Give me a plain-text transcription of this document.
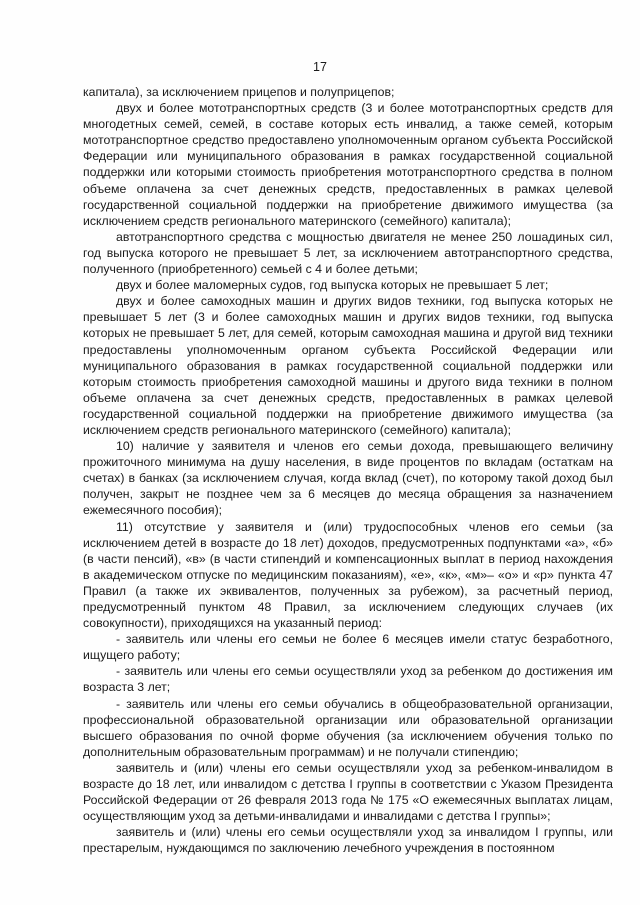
17

капитала), за исключением прицепов и полуприцепов;

двух и более мототранспортных средств (3 и более мототранспортных средств для многодетных семей, семей, в составе которых есть инвалид, а также семей, которым мототранспортное средство предоставлено уполномоченным органом субъекта Российской Федерации или муниципального образования в рамках государственной социальной поддержки или которыми стоимость приобретения мототранспортного средства в полном объеме оплачена за счет денежных средств, предоставленных в рамках целевой государственной социальной поддержки на приобретение движимого имущества (за исключением средств регионального материнского (семейного) капитала);

автотранспортного средства с мощностью двигателя не менее 250 лошадиных сил, год выпуска которого не превышает 5 лет, за исключением автотранспортного средства, полученного (приобретенного) семьей с 4 и более детьми;

двух и более маломерных судов, год выпуска которых не превышает 5 лет;

двух и более самоходных машин и других видов техники, год выпуска которых не превышает 5 лет (3 и более самоходных машин и других видов техники, год выпуска которых не превышает 5 лет, для семей, которым самоходная машина и другой вид техники предоставлены уполномоченным органом субъекта Российской Федерации или муниципального образования в рамках государственной социальной поддержки или которым стоимость приобретения самоходной машины и другого вида техники в полном объеме оплачена за счет денежных средств, предоставленных в рамках целевой государственной социальной поддержки на приобретение движимого имущества (за исключением средств регионального материнского (семейного) капитала);

10) наличие у заявителя и членов его семьи дохода, превышающего величину прожиточного минимума на душу населения, в виде процентов по вкладам (остаткам на счетах) в банках (за исключением случая, когда вклад (счет), по которому такой доход был получен, закрыт не позднее чем за 6 месяцев до месяца обращения за назначением ежемесячного пособия);

11) отсутствие у заявителя и (или) трудоспособных членов его семьи (за исключением детей в возрасте до 18 лет) доходов, предусмотренных подпунктами «а», «б» (в части пенсий), «в» (в части стипендий и компенсационных выплат в период нахождения в академическом отпуске по медицинским показаниям), «е», «к», «м»– «о» и «р» пункта 47 Правил (а также их эквивалентов, полученных за рубежом), за расчетный период, предусмотренный пунктом 48 Правил, за исключением следующих случаев (их совокупности), приходящихся на указанный период:

- заявитель или члены его семьи не более 6 месяцев имели статус безработного, ищущего работу;

- заявитель или члены его семьи осуществляли уход за ребенком до достижения им возраста 3 лет;

- заявитель или члены его семьи обучались в общеобразовательной организации, профессиональной образовательной организации или образовательной организации высшего образования по очной форме обучения (за исключением обучения только по дополнительным образовательным программам) и не получали стипендию;

заявитель и (или) члены его семьи осуществляли уход за ребенком-инвалидом в возрасте до 18 лет, или инвалидом с детства I группы в соответствии с Указом Президента Российской Федерации от 26 февраля 2013 года № 175 «О ежемесячных выплатах лицам, осуществляющим уход за детьми-инвалидами и инвалидами с детства I группы»;

заявитель и (или) члены его семьи осуществляли уход за инвалидом I группы, или престарелым, нуждающимся по заключению лечебного учреждения в постоянном
